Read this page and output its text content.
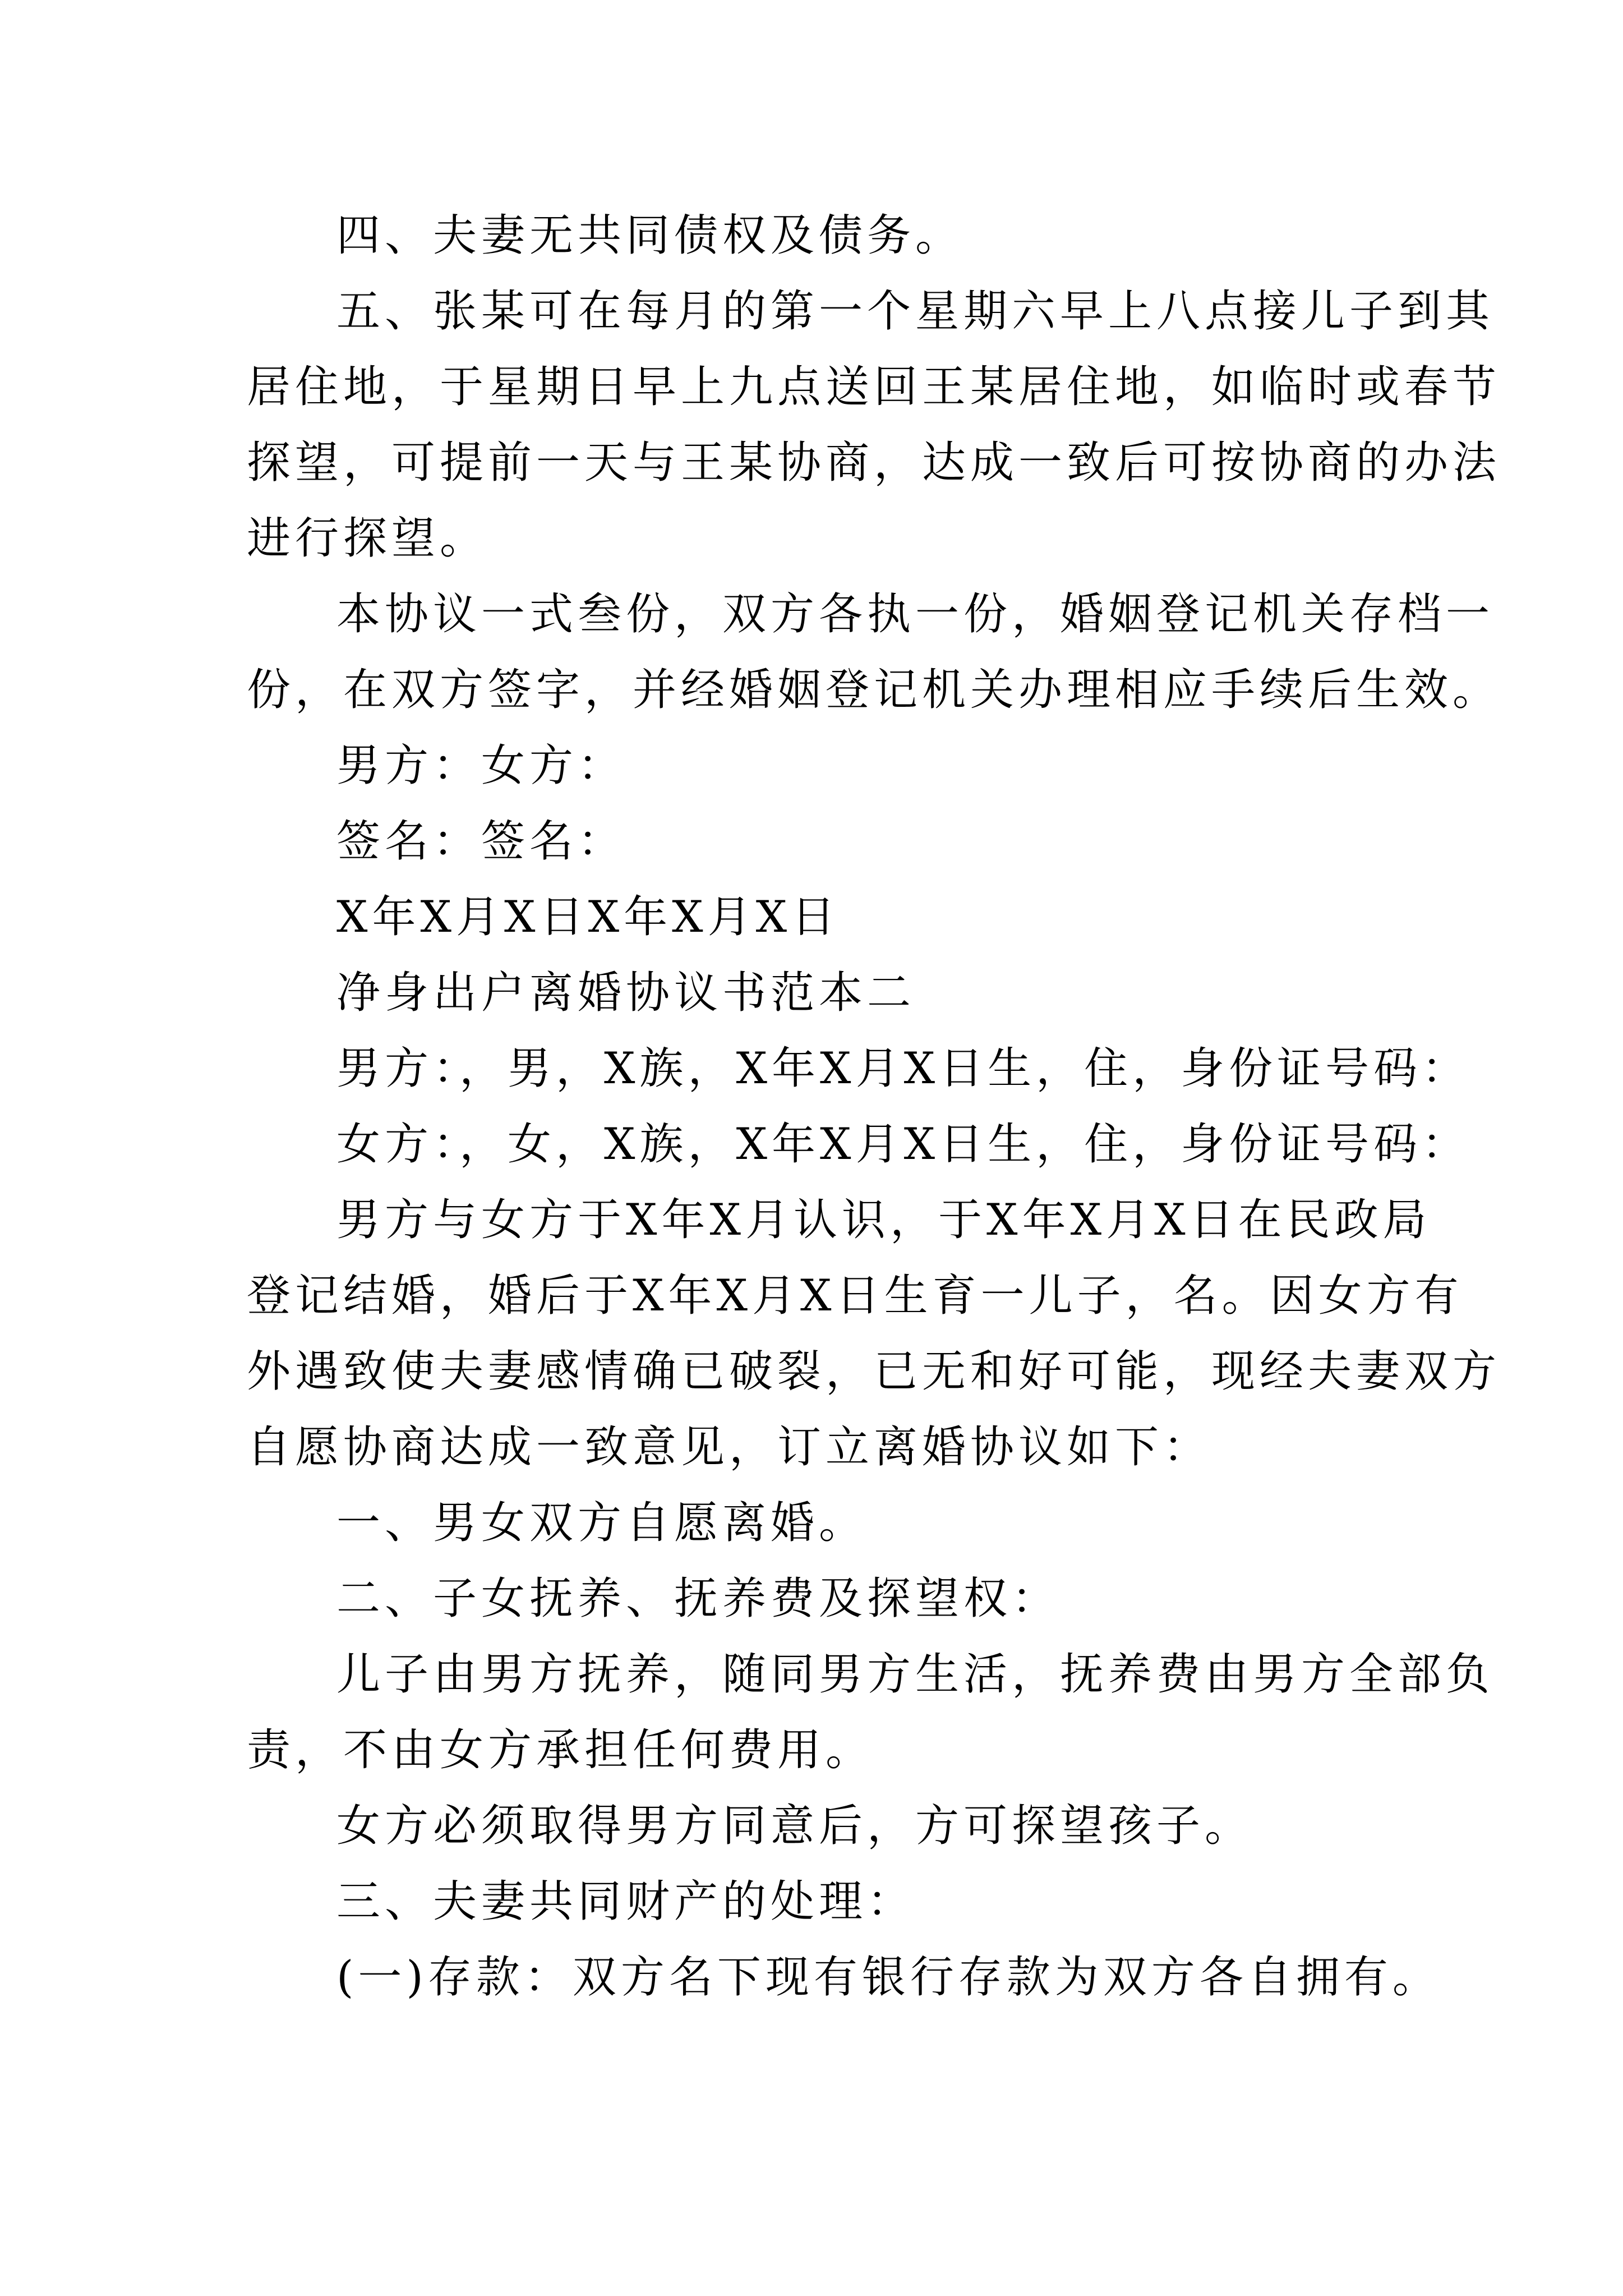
四、夫妻无共同债权及债务。
五、张某可在每月的第一个星期六早上八点接儿子到其
居住地，于星期日早上九点送回王某居住地，如临时或春节
探望，可提前一天与王某协商，达成一致后可按协商的办法
进行探望。
本协议一式叁份，双方各执一份，婚姻登记机关存档一
份，在双方签字，并经婚姻登记机关办理相应手续后生效。
男方：女方：
签名：签名：
X年X月X日X年X月X日
净身出户离婚协议书范本二
男方：，男，X族，X年X月X日生，住，身份证号码：
女方：，女，X族，X年X月X日生，住，身份证号码：
男方与女方于X年X月认识，于X年X月X日在民政局
登记结婚，婚后于X年X月X日生育一儿子，名。因女方有
外遇致使夫妻感情确已破裂，已无和好可能，现经夫妻双方
自愿协商达成一致意见，订立离婚协议如下：
一、男女双方自愿离婚。
二、子女抚养、抚养费及探望权：
儿子由男方抚养，随同男方生活，抚养费由男方全部负
责，不由女方承担任何费用。
女方必须取得男方同意后，方可探望孩子。
三、夫妻共同财产的处理：
(一)存款：双方名下现有银行存款为双方各自拥有。
